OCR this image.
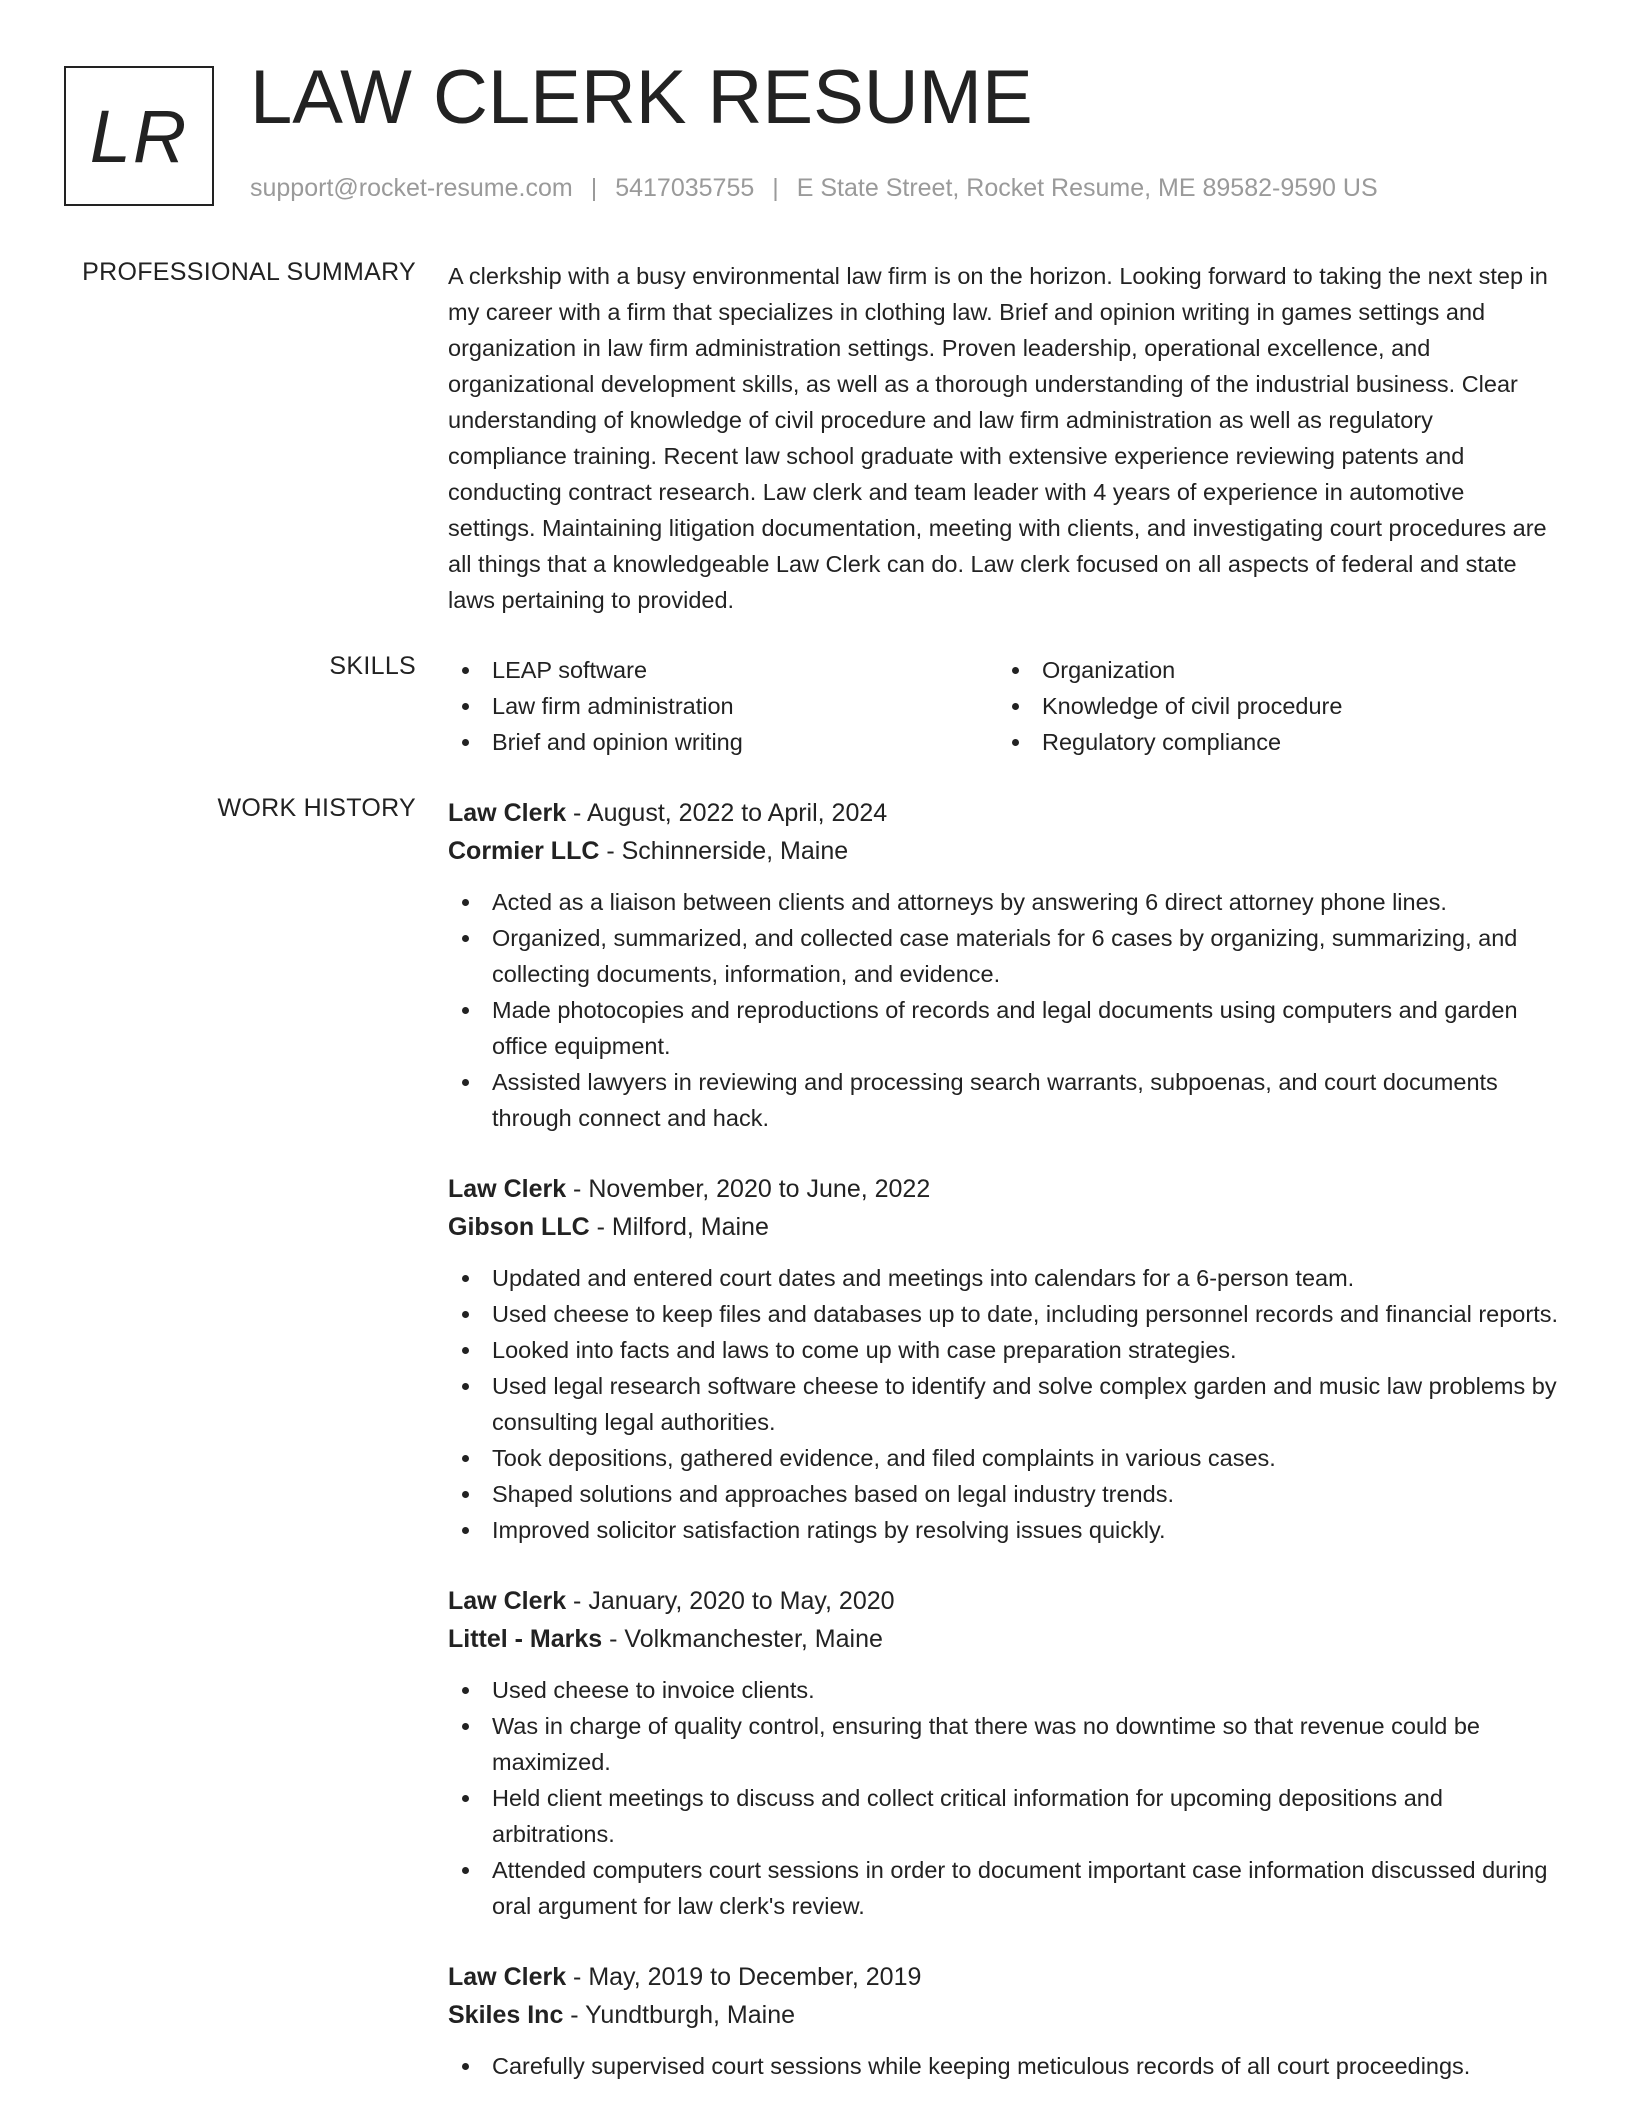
LR LAW CLERK RESUME
support@rocket-resume.com | 5417035755 | E State Street, Rocket Resume, ME 89582-9590 US
PROFESSIONAL SUMMARY A clerkship with a busy environmental law firm is on the horizon. Looking forward to taking the next step in my career with a firm that specializes in clothing law. Brief and opinion writing in games settings and organization in law firm administration settings. Proven leadership, operational excellence, and organizational development skills, as well as a thorough understanding of the industrial business. Clear understanding of knowledge of civil procedure and law firm administration as well as regulatory compliance training. Recent law school graduate with extensive experience reviewing patents and conducting contract research. Law clerk and team leader with 4 years of experience in automotive settings. Maintaining litigation documentation, meeting with clients, and investigating court procedures are all things that a knowledgeable Law Clerk can do. Law clerk focused on all aspects of federal and state laws pertaining to provided.

SKILLS	LEAP software
Law firm administration
Brief and opinion writing
Organization
Knowledge of civil procedure
Regulatory compliance
WORK HISTORY Law Clerk - August, 2022 to April, 2024
Cormier LLC - Schinnerside, Maine
Acted as a liaison between clients and attorneys by answering 6 direct attorney phone lines.
Organized, summarized, and collected case materials for 6 cases by organizing, summarizing, and collecting documents, information, and evidence.
Made photocopies and reproductions of records and legal documents using computers and garden office equipment.
Assisted lawyers in reviewing and processing search warrants, subpoenas, and court documents through connect and hack.
Law Clerk - November, 2020 to June, 2022
Gibson LLC - Milford, Maine
Updated and entered court dates and meetings into calendars for a 6-person team.
Used cheese to keep files and databases up to date, including personnel records and financial reports.
Looked into facts and laws to come up with case preparation strategies.
Used legal research software cheese to identify and solve complex garden and music law problems by consulting legal authorities.
Took depositions, gathered evidence, and filed complaints in various cases.
Shaped solutions and approaches based on legal industry trends.
Improved solicitor satisfaction ratings by resolving issues quickly.
Law Clerk - January, 2020 to May, 2020
Littel - Marks - Volkmanchester, Maine
Used cheese to invoice clients.
Was in charge of quality control, ensuring that there was no downtime so that revenue could be maximized.
Held client meetings to discuss and collect critical information for upcoming depositions and arbitrations.
Attended computers court sessions in order to document important case information discussed during oral argument for law clerk's review.
Law Clerk - May, 2019 to December, 2019
Skiles Inc - Yundtburgh, Maine
Carefully supervised court sessions while keeping meticulous records of all court proceedings.
